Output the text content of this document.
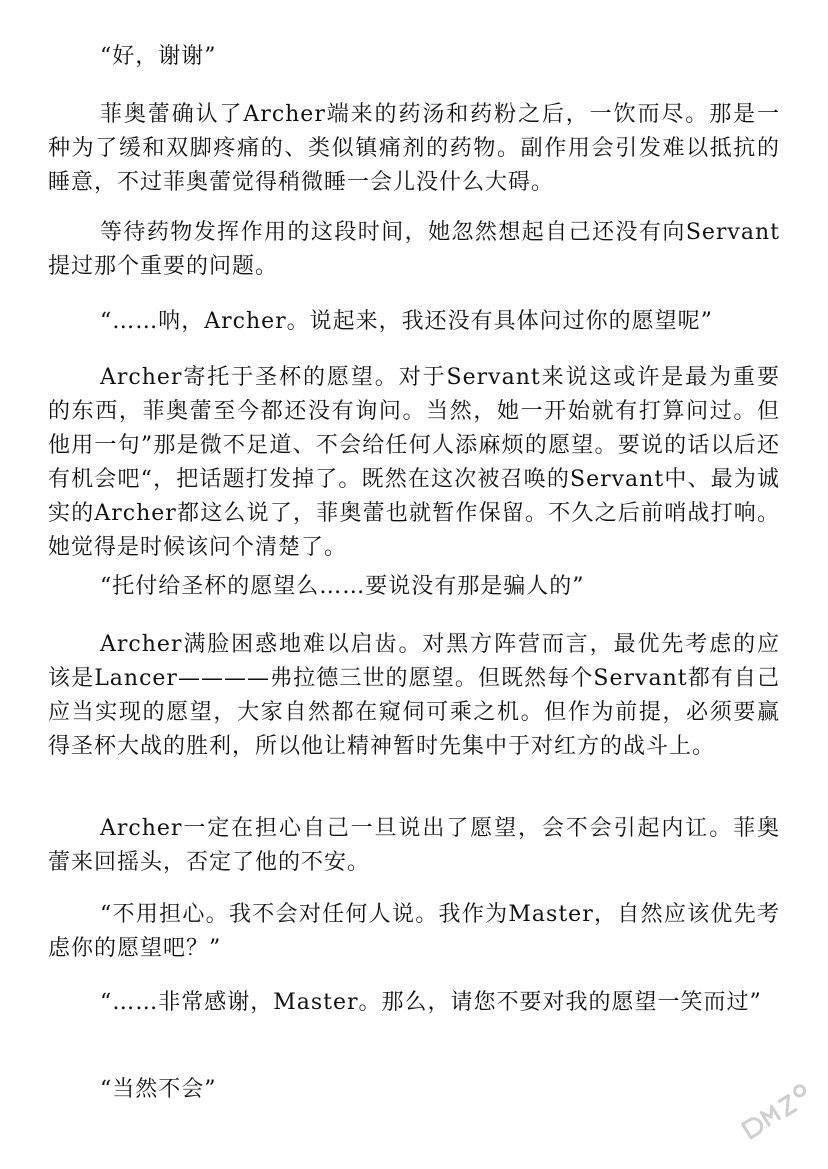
“好，谢谢”

菲奥蕾确认了Archer端来的药汤和药粉之后，一饮而尽。那是一种为了缓和双脚疼痛的、类似镇痛剂的药物。副作用会引发难以抵抗的睡意，不过菲奥蕾觉得稍微睡一会儿没什么大碍。

等待药物发挥作用的这段时间，她忽然想起自己还没有向Servant提过那个重要的问题。

“……呐，Archer。说起来，我还没有具体问过你的愿望呢”

Archer寄托于圣杯的愿望。对于Servant来说这或许是最为重要的东西，菲奥蕾至今都还没有询问。当然，她一开始就有打算问过。但他用一句”那是微不足道、不会给任何人添麻烦的愿望。要说的话以后还有机会吧“，把话题打发掉了。既然在这次被召唤的Servant中、最为诚实的Archer都这么说了，菲奥蕾也就暂作保留。不久之后前哨战打响。她觉得是时候该问个清楚了。

“托付给圣杯的愿望么……要说没有那是骗人的”

Archer满脸困惑地难以启齿。对黑方阵营而言，最优先考虑的应该是Lancer————弗拉德三世的愿望。但既然每个Servant都有自己应当实现的愿望，大家自然都在窥伺可乘之机。但作为前提，必须要赢得圣杯大战的胜利，所以他让精神暂时先集中于对红方的战斗上。

Archer一定在担心自己一旦说出了愿望，会不会引起内讧。菲奥蕾来回摇头，否定了他的不安。

“不用担心。我不会对任何人说。我作为Master，自然应该优先考虑你的愿望吧？”

“……非常感谢，Master。那么，请您不要对我的愿望一笑而过”

“当然不会”
